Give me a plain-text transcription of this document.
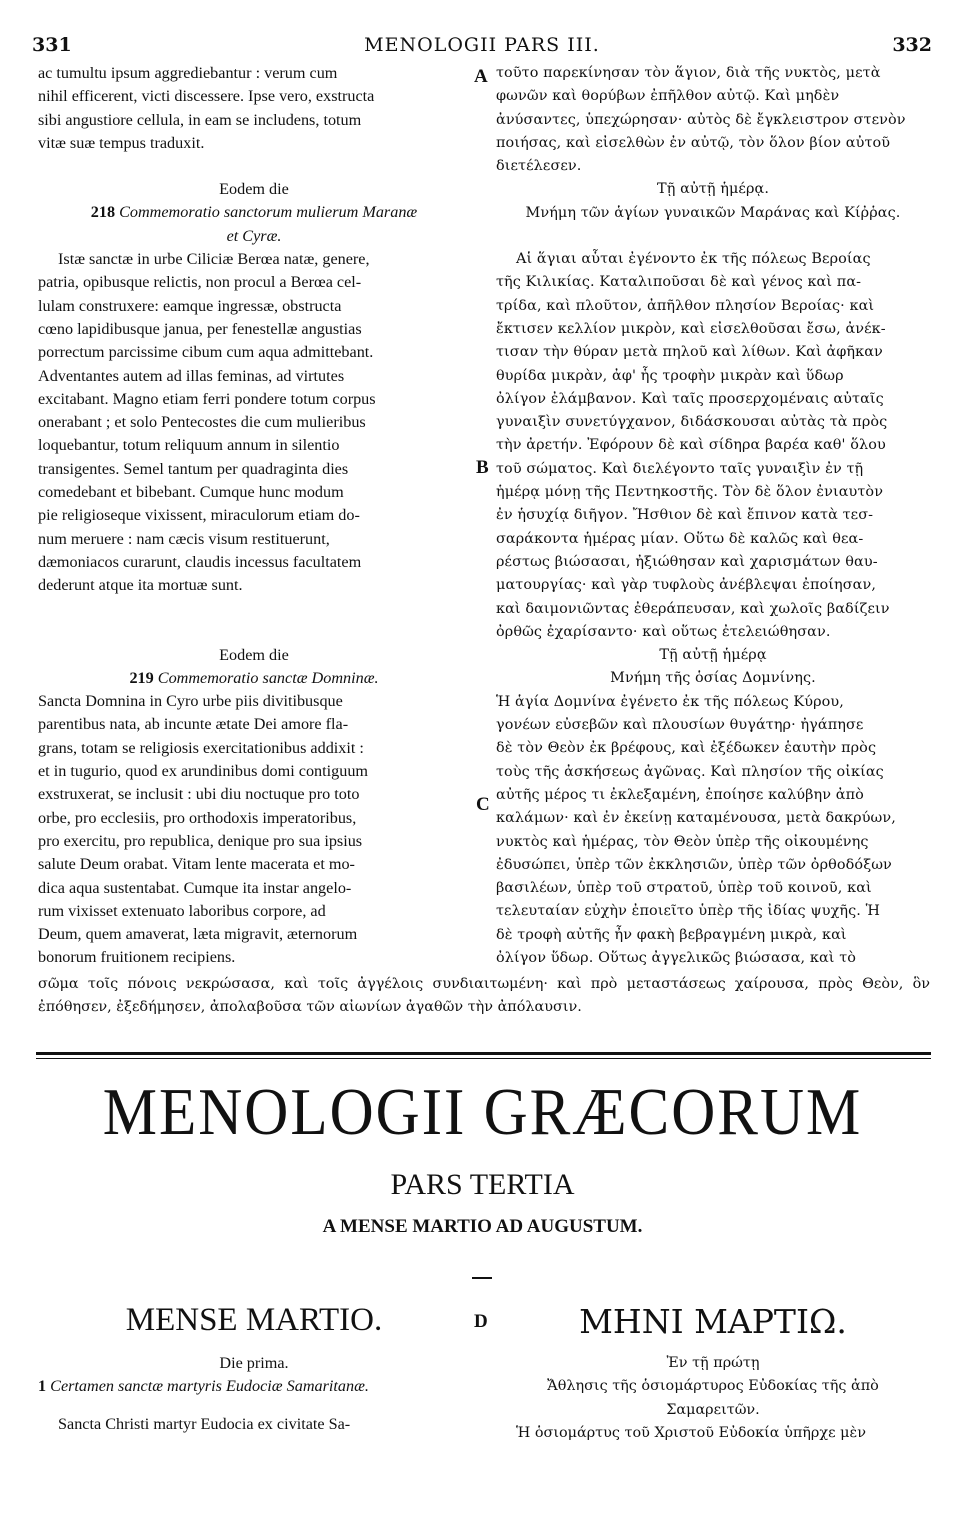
331	MENOLOGII PARS III.	332
A
B
C
D

ac tumultu ipsum aggrediebantur : verum cum

nihil efficerent, victi discessere. Ipse vero, exstructa

sibi angustiore cellula, in eam se includens, totum

vitæ suæ tempus traduxit.

Eodem die

218 Commemoratio sanctorum mulierum Maranæ

et Cyræ.

Istæ sanctæ in urbe Ciliciæ Berœa natæ, genere,

patria, opibusque relictis, non procul a Berœa cel-

lulam construxere: eamque ingressæ, obstructa

cœno lapidibusque janua, per fenestellæ angustias

porrectum parcissime cibum cum aqua admittebant.

Adventantes autem ad illas feminas, ad virtutes

excitabant. Magno etiam ferri pondere totum corpus

onerabant ; et solo Pentecostes die cum mulieribus

loquebantur, totum reliquum annum in silentio

transigentes. Semel tantum per quadraginta dies

comedebant et bibebant. Cumque hunc modum

pie religioseque vixissent, miraculorum etiam do-

num meruere : nam cæcis visum restituerunt,

dæmoniacos curarunt, claudis incessus facultatem

dederunt atque ita mortuæ sunt.

Eodem die

219 Commemoratio sanctæ Domninæ.

Sancta Domnina in Cyro urbe piis divitibusque

parentibus nata, ab incunte ætate Dei amore fla-

grans, totam se religiosis exercitationibus addixit :

et in tugurio, quod ex arundinibus domi contiguum

exstruxerat, se inclusit : ubi diu noctuque pro toto

orbe, pro ecclesiis, pro orthodoxis imperatoribus,

pro exercitu, pro republica, denique pro sua ipsius

salute Deum orabat. Vitam lente macerata et mo-

dica aqua sustentabat. Cumque ita instar angelo-

rum vixisset extenuato laboribus corpore, ad

Deum, quem amaverat, læta migravit, æternorum

bonorum fruitionem recipiens.

τοῦτο παρεκίνησαν τὸν ἅγιον, διὰ τῆς νυκτὸς, μετὰ

φωνῶν καὶ θορύβων ἐπῆλθον αὐτῷ. Καὶ μηδὲν

ἀνύσαντες, ὑπεχώρησαν· αὐτὸς δὲ ἔγκλειστρον στενὸν

ποιήσας, καὶ εἰσελθὼν ἐν αὐτῷ, τὸν ὅλον βίον αὐτοῦ

διετέλεσεν.

Τῇ αὐτῇ ἡμέρᾳ.

Μνήμη τῶν ἁγίων γυναικῶν Μαράνας καὶ Κίῤῥας.

Αἱ ἅγιαι αὗται ἐγένοντο ἐκ τῆς πόλεως Βεροίας

τῆς Κιλικίας. Καταλιποῦσαι δὲ καὶ γένος καὶ πα-

τρίδα, καὶ πλοῦτον, ἀπῆλθον πλησίον Βεροίας· καὶ

ἔκτισεν κελλίον μικρὸν, καὶ εἰσελθοῦσαι ἔσω, ἀνέκ-

τισαν τὴν θύραν μετὰ πηλοῦ καὶ λίθων. Καὶ ἀφῆκαν

θυρίδα μικρὰν, ἀφ' ἧς τροφὴν μικρὰν καὶ ὕδωρ

ὀλίγον ἐλάμβανον. Καὶ ταῖς προσερχομέναις αὐταῖς

γυναιξὶν συνετύγχανον, διδάσκουσαι αὐτὰς τὰ πρὸς

τὴν ἀρετήν. Ἐφόρουν δὲ καὶ σίδηρα βαρέα καθ' ὅλου

τοῦ σώματος. Καὶ διελέγοντο ταῖς γυναιξὶν ἐν τῇ

ἡμέρᾳ μόνῃ τῆς Πεντηκοστῆς. Τὸν δὲ ὅλον ἐνιαυτὸν

ἐν ἡσυχίᾳ διῆγον. Ἤσθιον δὲ καὶ ἔπινον κατὰ τεσ-

σαράκοντα ἡμέρας μίαν. Οὕτω δὲ καλῶς καὶ θεα-

ρέστως βιώσασαι, ἠξιώθησαν καὶ χαρισμάτων θαυ-

ματουργίας· καὶ γὰρ τυφλοὺς ἀνέβλεψαι ἐποίησαν,

καὶ δαιμονιῶντας ἐθεράπευσαν, καὶ χωλοῖς βαδίζειν

ὀρθῶς ἐχαρίσαντο· καὶ οὕτως ἐτελειώθησαν.

Τῇ αὐτῇ ἡμέρᾳ

Μνήμη τῆς ὁσίας Δομνίνης.

Ἡ ἁγία Δομνίνα ἐγένετο ἐκ τῆς πόλεως Κύρου,

γονέων εὐσεβῶν καὶ πλουσίων θυγάτηρ· ἠγάπησε

δὲ τὸν Θεὸν ἐκ βρέφους, καὶ ἐξέδωκεν ἑαυτὴν πρὸς

τοὺς τῆς ἀσκήσεως ἀγῶνας. Καὶ πλησίον τῆς οἰκίας

αὐτῆς μέρος τι ἐκλεξαμένη, ἐποίησε καλύβην ἀπὸ

καλάμων· καὶ ἐν ἐκείνῃ καταμένουσα, μετὰ δακρύων,

νυκτὸς καὶ ἡμέρας, τὸν Θεὸν ὑπὲρ τῆς οἰκουμένης

ἐδυσώπει, ὑπὲρ τῶν ἐκκλησιῶν, ὑπὲρ τῶν ὀρθοδόξων

βασιλέων, ὑπὲρ τοῦ στρατοῦ, ὑπὲρ τοῦ κοινοῦ, καὶ

τελευταίαν εὐχὴν ἐποιεῖτο ὑπὲρ τῆς ἰδίας ψυχῆς. Ἡ

δὲ τροφὴ αὐτῆς ἦν φακὴ βεβραγμένη μικρὰ, καὶ

ὀλίγον ὕδωρ. Οὕτως ἀγγελικῶς βιώσασα, καὶ τὸ

σῶμα τοῖς πόνοις νεκρώσασα, καὶ τοῖς ἀγγέλοις συνδιαιτωμένη· καὶ πρὸ μεταστάσεως χαίρουσα, πρὸς Θεὸν, ὃν ἐπόθησεν, ἐξεδήμησεν, ἀπολαβοῦσα τῶν αἰωνίων ἀγαθῶν τὴν ἀπόλαυσιν.
MENOLOGII GRÆCORUM
PARS TERTIA
A MENSE MARTIO AD AUGUSTUM.
MENSE MARTIO.	ΜΗΝΙ ΜΑΡΤΙΩ.

Die prima.

1 Certamen sanctæ martyris Eudociæ Samaritanæ.

Sancta Christi martyr Eudocia ex civitate Sa-

Ἐν τῇ πρώτῃ

Ἄθλησις τῆς ὁσιομάρτυρος Εὐδοκίας τῆς ἀπὸ

Σαμαρειτῶν.

Ἡ ὁσιομάρτυς τοῦ Χριστοῦ Εὐδοκία ὑπῆρχε μὲν
